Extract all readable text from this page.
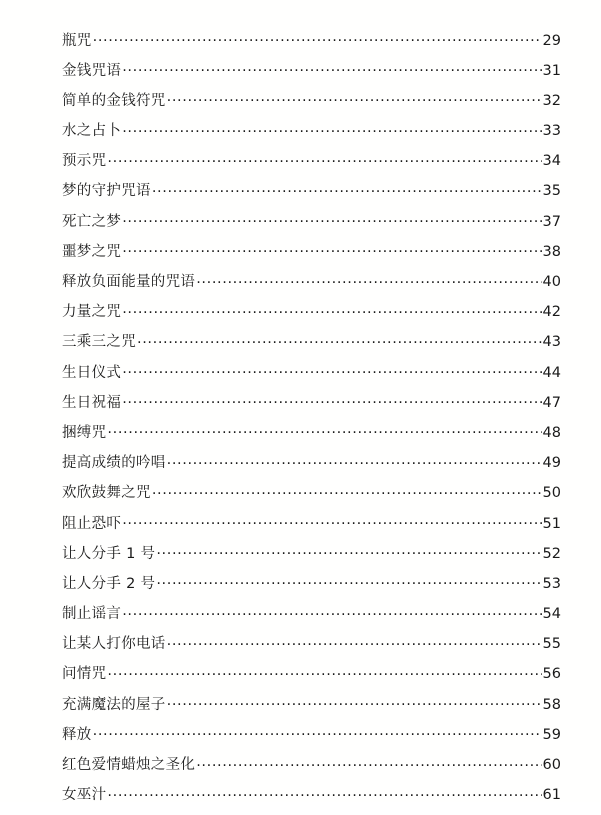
瓶咒 .....	29
金钱咒语 .....	31
简单的金钱符咒 .....	32
水之占卜 .....	33
预示咒 .....	34
梦的守护咒语 .....	35
死亡之梦 .....	37
噩梦之咒 .....	38
释放负面能量的咒语 .....	40
力量之咒 .....	42
三乘三之咒 .....	43
生日仪式 .....	44
生日祝福 .....	47
捆缚咒 .....	48
提高成绩的吟唱 .....	49
欢欣鼓舞之咒 .....	50
阻止恐吓 .....	51
让人分手 1 号 .....	52
让人分手 2 号 .....	53
制止谣言 .....	54
让某人打你电话 .....	55
问情咒 .....	56
充满魔法的屋子 .....	58
释放 .....	59
红色爱情蜡烛之圣化 .....	60
女巫汁 .....	61
